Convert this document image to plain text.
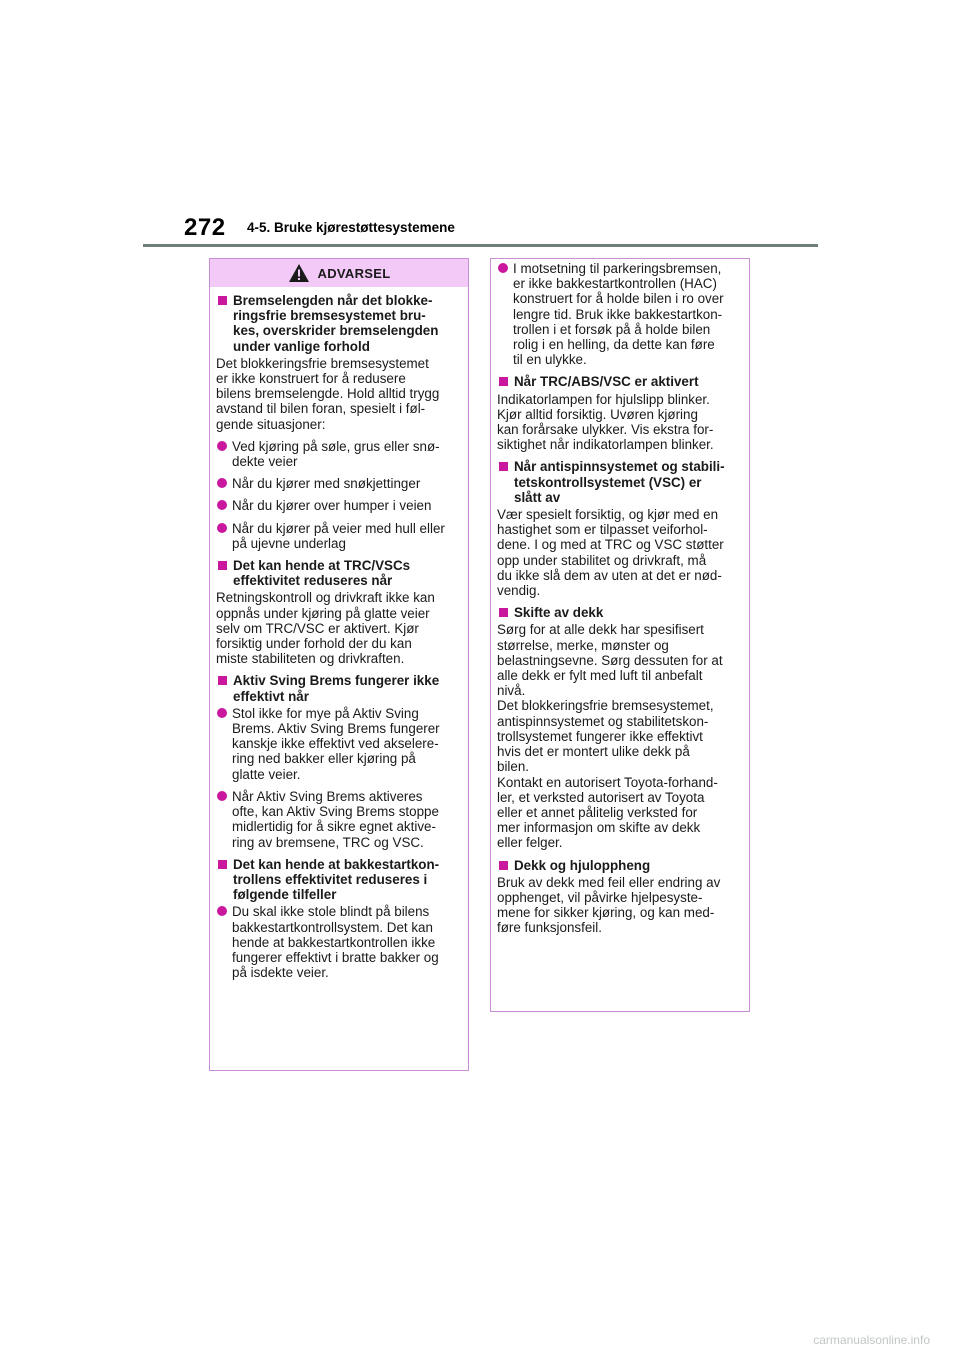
272 4-5. Bruke kjørestøttesystemene
ADVARSEL
Bremselengden når det blokke-
ringsfrie bremsesystemet bru-
kes, overskrider bremselengden
under vanlige forhold
Det blokkeringsfrie bremsesystemet
er ikke konstruert for å redusere
bilens bremselengde. Hold alltid trygg
avstand til bilen foran, spesielt i føl-
gende situasjoner:
Ved kjøring på søle, grus eller snø-
dekte veier
Når du kjører med snøkjettinger
Når du kjører over humper i veien
Når du kjører på veier med hull eller
på ujevne underlag
Det kan hende at TRC/VSCs
effektivitet reduseres når
Retningskontroll og drivkraft ikke kan
oppnås under kjøring på glatte veier
selv om TRC/VSC er aktivert. Kjør
forsiktig under forhold der du kan
miste stabiliteten og drivkraften.
Aktiv Sving Brems fungerer ikke
effektivt når
Stol ikke for mye på Aktiv Sving
Brems. Aktiv Sving Brems fungerer
kanskje ikke effektivt ved akselere-
ring ned bakker eller kjøring på
glatte veier.
Når Aktiv Sving Brems aktiveres
ofte, kan Aktiv Sving Brems stoppe
midlertidig for å sikre egnet aktive-
ring av bremsene, TRC og VSC.
Det kan hende at bakkestartkon-
trollens effektivitet reduseres i
følgende tilfeller
Du skal ikke stole blindt på bilens
bakkestartkontrollsystem. Det kan
hende at bakkestartkontrollen ikke
fungerer effektivt i bratte bakker og
på isdekte veier.
I motsetning til parkeringsbremsen,
er ikke bakkestartkontrollen (HAC)
konstruert for å holde bilen i ro over
lengre tid. Bruk ikke bakkestartkon-
trollen i et forsøk på å holde bilen
rolig i en helling, da dette kan føre
til en ulykke.
Når TRC/ABS/VSC er aktivert
Indikatorlampen for hjulslipp blinker.
Kjør alltid forsiktig. Uvøren kjøring
kan forårsake ulykker. Vis ekstra for-
siktighet når indikatorlampen blinker.
Når antispinnsystemet og stabili-
tetskontrollsystemet (VSC) er
slått av
Vær spesielt forsiktig, og kjør med en
hastighet som er tilpasset veiforhol-
dene. I og med at TRC og VSC støtter
opp under stabilitet og drivkraft, må
du ikke slå dem av uten at det er nød-
vendig.
Skifte av dekk
Sørg for at alle dekk har spesifisert
størrelse, merke, mønster og
belastningsevne. Sørg dessuten for at
alle dekk er fylt med luft til anbefalt
nivå.
Det blokkeringsfrie bremsesystemet,
antispinnsystemet og stabilitetskon-
trollsystemet fungerer ikke effektivt
hvis det er montert ulike dekk på
bilen.
Kontakt en autorisert Toyota-forhand-
ler, et verksted autorisert av Toyota
eller et annet pålitelig verksted for
mer informasjon om skifte av dekk
eller felger.
Dekk og hjuloppheng
Bruk av dekk med feil eller endring av
opphenget, vil påvirke hjelpesyste-
mene for sikker kjøring, og kan med-
føre funksjonsfeil.
carmanualsonline.info
